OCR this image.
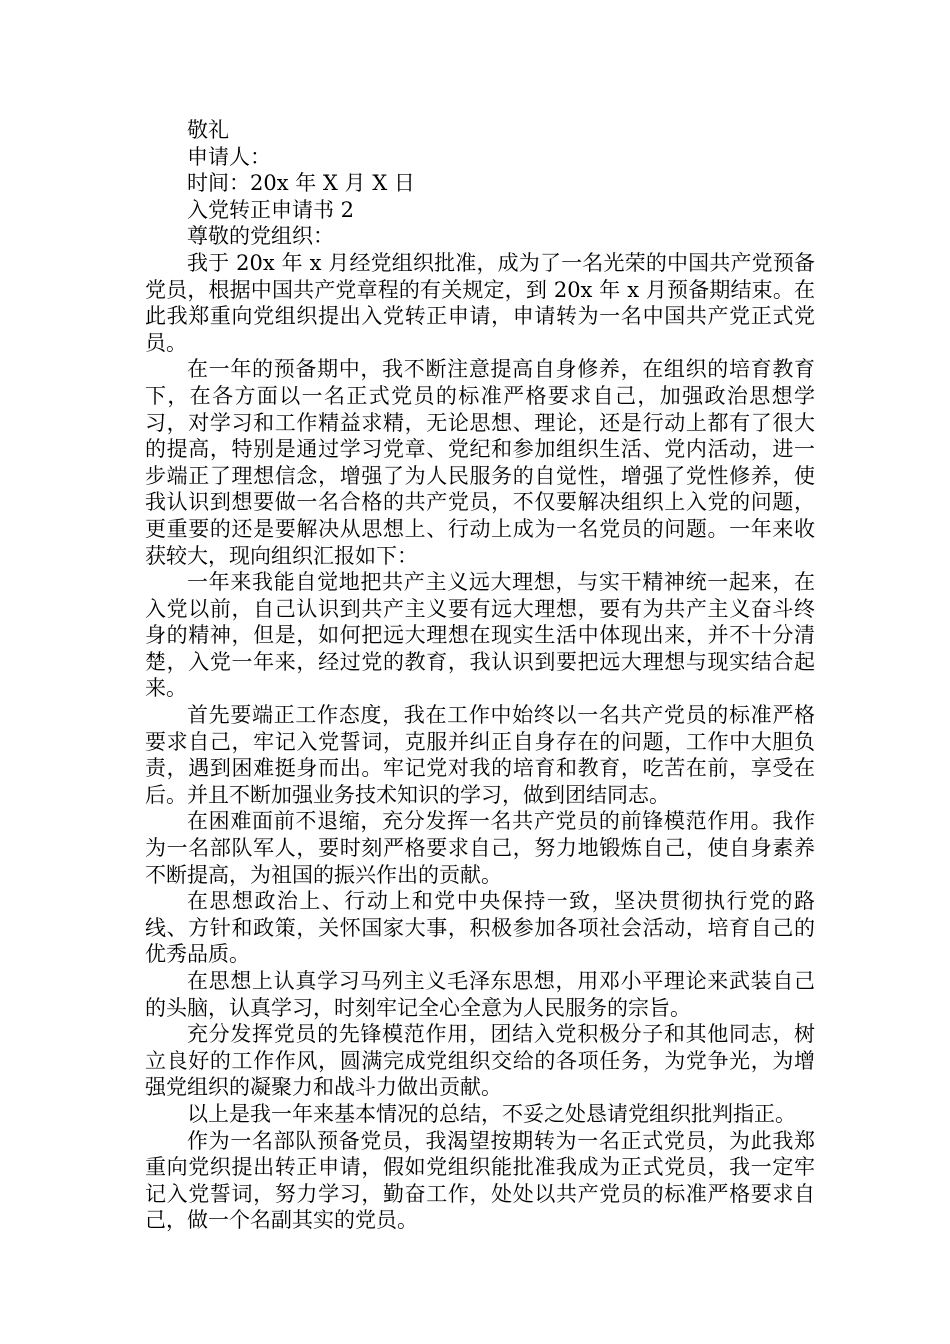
敬礼

申请人：

时间：20x 年 X 月 X 日

入党转正申请书 2

尊敬的党组织：

我于 20x 年 x 月经党组织批准，成为了一名光荣的中国共产党预备党员，根据中国共产党章程的有关规定，到 20x 年 x 月预备期结束。在此我郑重向党组织提出入党转正申请，申请转为一名中国共产党正式党员。

在一年的预备期中，我不断注意提高自身修养，在组织的培育教育下，在各方面以一名正式党员的标准严格要求自己，加强政治思想学习，对学习和工作精益求精，无论思想、理论，还是行动上都有了很大的提高，特别是通过学习党章、党纪和参加组织生活、党内活动，进一步端正了理想信念，增强了为人民服务的自觉性，增强了党性修养，使我认识到想要做一名合格的共产党员，不仅要解决组织上入党的问题，更重要的还是要解决从思想上、行动上成为一名党员的问题。一年来收获较大，现向组织汇报如下：

一年来我能自觉地把共产主义远大理想，与实干精神统一起来，在入党以前，自己认识到共产主义要有远大理想，要有为共产主义奋斗终身的精神，但是，如何把远大理想在现实生活中体现出来，并不十分清楚，入党一年来，经过党的教育，我认识到要把远大理想与现实结合起来。

首先要端正工作态度，我在工作中始终以一名共产党员的标准严格要求自己，牢记入党誓词，克服并纠正自身存在的问题，工作中大胆负责，遇到困难挺身而出。牢记党对我的培育和教育，吃苦在前，享受在后。并且不断加强业务技术知识的学习，做到团结同志。

在困难面前不退缩，充分发挥一名共产党员的前锋模范作用。我作为一名部队军人，要时刻严格要求自己，努力地锻炼自己，使自身素养不断提高，为祖国的振兴作出的贡献。

在思想政治上、行动上和党中央保持一致，坚决贯彻执行党的路线、方针和政策，关怀国家大事，积极参加各项社会活动，培育自己的优秀品质。

在思想上认真学习马列主义毛泽东思想，用邓小平理论来武装自己的头脑，认真学习，时刻牢记全心全意为人民服务的宗旨。

充分发挥党员的先锋模范作用，团结入党积极分子和其他同志，树立良好的工作作风，圆满完成党组织交给的各项任务，为党争光，为增强党组织的凝聚力和战斗力做出贡献。

以上是我一年来基本情况的总结，不妥之处恳请党组织批判指正。

作为一名部队预备党员，我渴望按期转为一名正式党员，为此我郑重向党织提出转正申请，假如党组织能批准我成为正式党员，我一定牢记入党誓词，努力学习，勤奋工作，处处以共产党员的标准严格要求自己，做一个名副其实的党员。
